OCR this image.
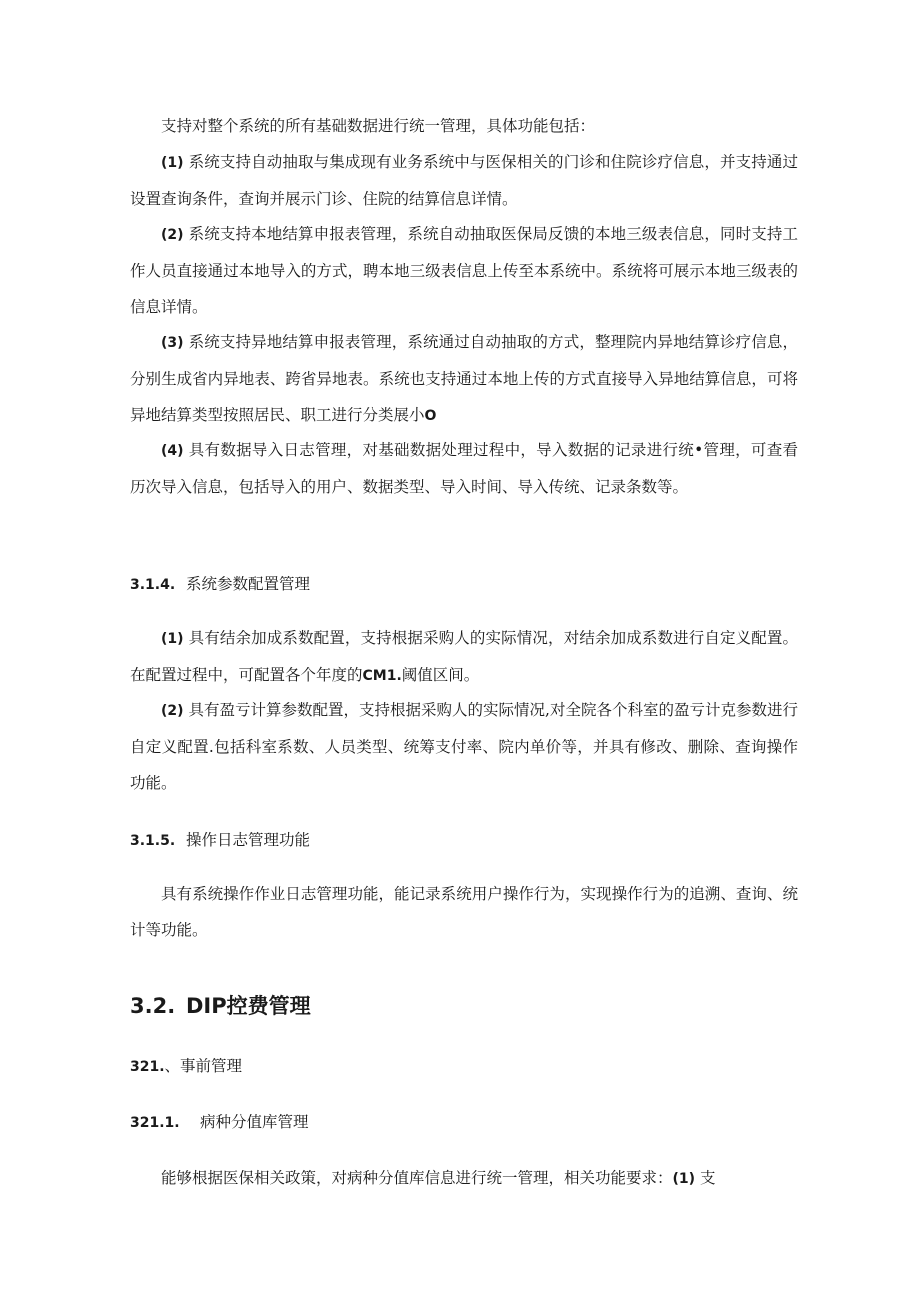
支持对整个系统的所有基础数据进行统一管理，具体功能包括：

(1) 系统支持自动抽取与集成现有业务系统中与医保相关的门诊和住院诊疗信息，并支持通过设置查询条件，查询并展示门诊、住院的结算信息详情。

(2) 系统支持本地结算申报表管理，系统自动抽取医保局反馈的本地三级表信息，同时支持工作人员直接通过本地导入的方式，聘本地三级表信息上传至本系统中。系统将可展示本地三级表的信息详情。

(3) 系统支持异地结算申报表管理，系统通过自动抽取的方式，整理院内异地结算诊疗信息，分别生成省内异地表、跨省异地表。系统也支持通过本地上传的方式直接导入异地结算信息，可将异地结算类型按照居民、职工进行分类展小O

(4) 具有数据导入日志管理，对基础数据处理过程中，导入数据的记录进行统•管理，可查看历次导入信息，包括导入的用户、数据类型、导入时间、导入传统、记录条数等。

3.1.4. 系统参数配置管理

(1) 具有结余加成系数配置，支持根据采购人的实际情况，对结余加成系数进行自定义配置。在配置过程中，可配置各个年度的CM1.阈值区间。

(2) 具有盈亏计算参数配置，支持根据采购人的实际情况,对全院各个科室的盈亏计克参数进行自定义配置.包括科室系数、人员类型、统筹支付率、院内单价等，并具有修改、删除、查询操作功能。

3.1.5. 操作日志管理功能

具有系统操作作业日志管理功能，能记录系统用户操作行为，实现操作行为的追溯、查询、统计等功能。

3.2. DIP控费管理
321.、事前管理
321.1. 病种分值库管理

能够根据医保相关政策，对病种分值库信息进行统一管理，相关功能要求：(1) 支
